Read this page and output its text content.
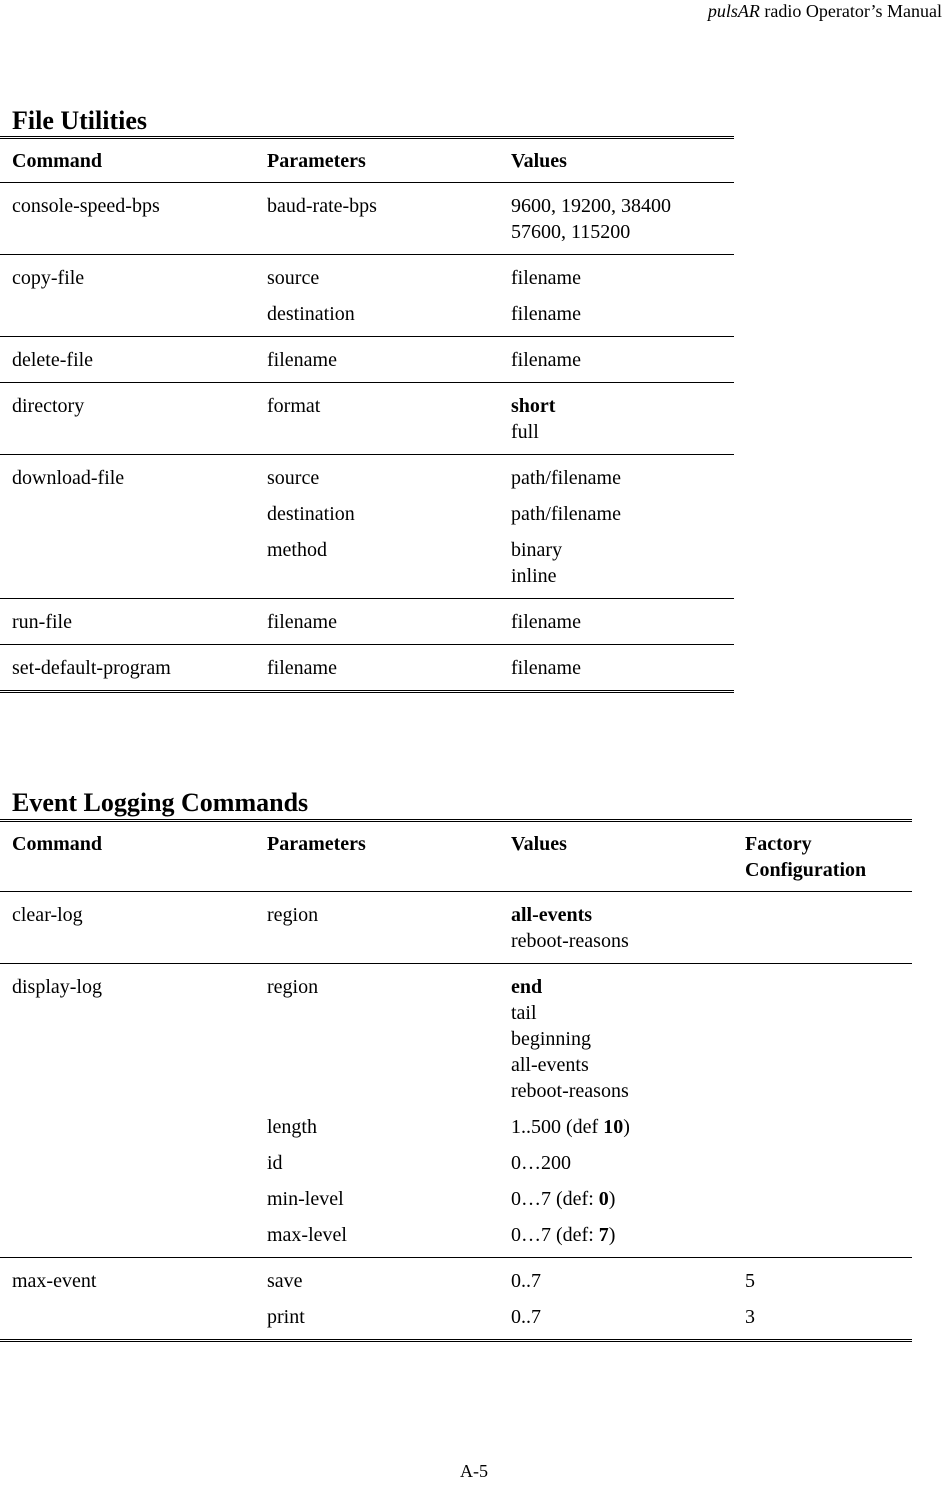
pulsAR radio Operator’s Manual
File Utilities
Command	Parameters	Values
console-speed-bps	baud-rate-bps	9600, 19200, 38400
57600, 115200

copy-file	source	filename

	destination	filename

delete-file	filename	filename

directory	format	short
full

download-file	source	path/filename

	destination	path/filename

	method	binary
inline

run-file	filename	filename

set-default-program	filename	filename
Event Logging Commands
Command	Parameters	Values	Factory Configuration
clear-log	region	all-events
reboot-reasons	

display-log	region	end
tail
beginning
all-events
reboot-reasons	

	length	1..500 (def 10)	

	id	0…200	

	min-level	0…7 (def: 0)	

	max-level	0…7 (def: 7)	

max-event	save	0..7	5
	print	0..7	3
A-5
